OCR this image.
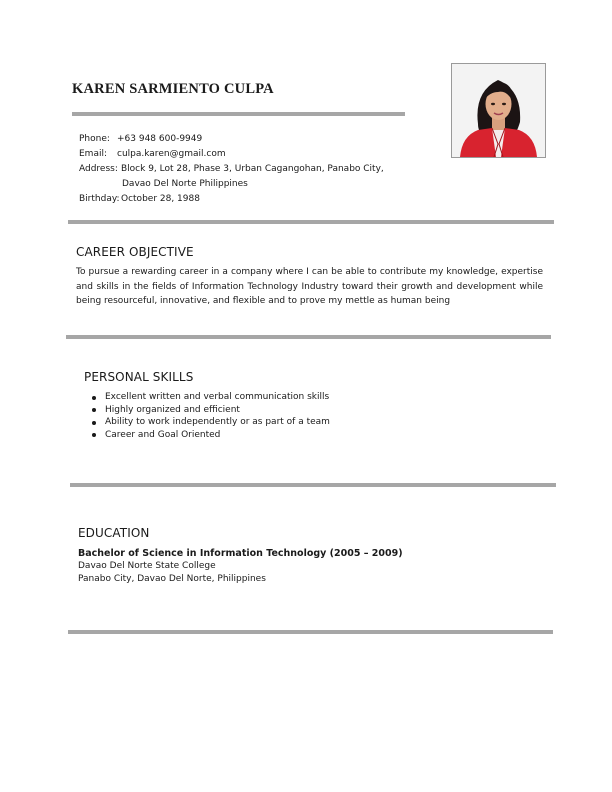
KAREN SARMIENTO CULPA
Phone: +63 948 600-9949
Email:	culpa.karen@gmail.com
Address: Block 9, Lot 28, Phase 3, Urban Cagangohan, Panabo City,
Davao Del Norte Philippines
Birthday: October 28, 1988
CAREER OBJECTIVE
To pursue a rewarding career in a company where I can be able to contribute my knowledge, expertise and skills in the fields of Information Technology Industry toward their growth and development while being resourceful, innovative, and flexible and to prove my mettle as human being
PERSONAL SKILLS
Excellent written and verbal communication skills
Highly organized and efficient
Ability to work independently or as part of a team
Career and Goal Oriented
EDUCATION
Bachelor of Science in Information Technology (2005 – 2009)
Davao Del Norte State College
Panabo City, Davao Del Norte, Philippines
